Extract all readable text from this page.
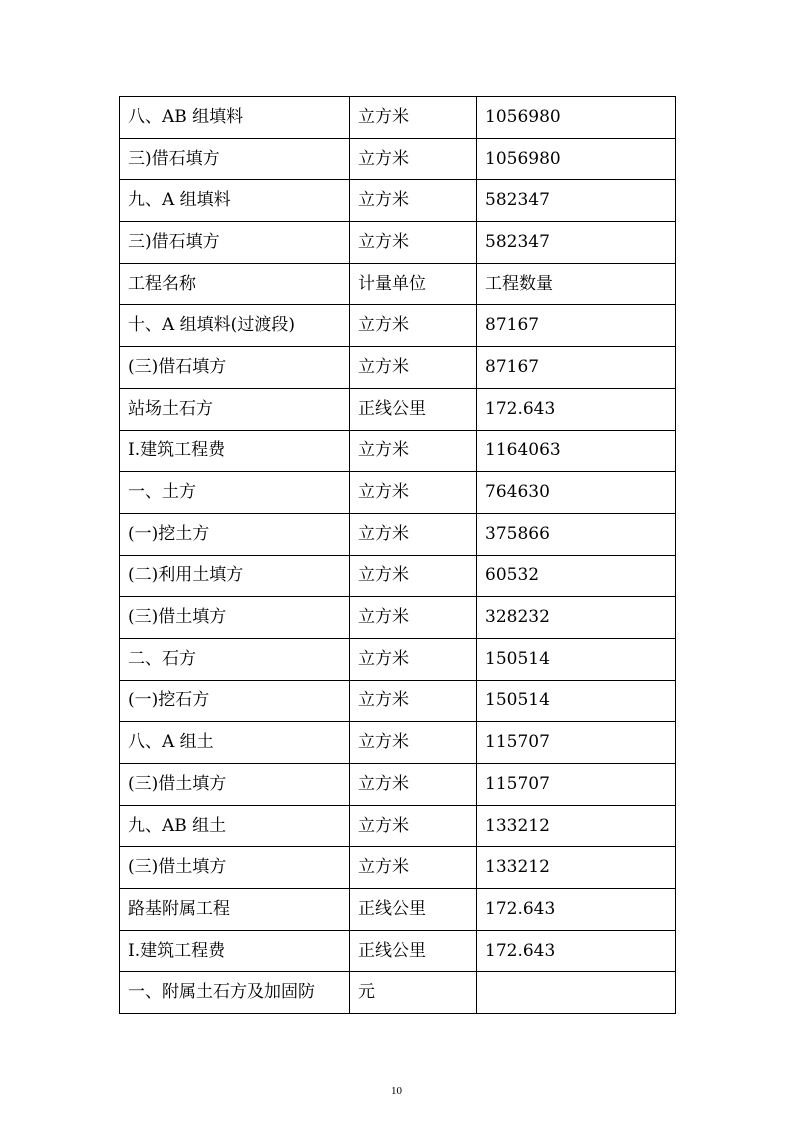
八、AB 组填料	立方米	1056980
三)借石填方	立方米	1056980
九、A 组填料	立方米	582347
三)借石填方	立方米	582347
工程名称	计量单位	工程数量
十、A 组填料(过渡段)	立方米	87167
(三)借石填方	立方米	87167
站场土石方	正线公里	172.643
I.建筑工程费	立方米	1164063
一、土方	立方米	764630
(一)挖土方	立方米	375866
(二)利用土填方	立方米	60532
(三)借土填方	立方米	328232
二、石方	立方米	150514
(一)挖石方	立方米	150514
八、A 组土	立方米	115707
(三)借土填方	立方米	115707
九、AB 组土	立方米	133212
(三)借土填方	立方米	133212
路基附属工程	正线公里	172.643
I.建筑工程费	正线公里	172.643
一、附属土石方及加固防	元	
10
